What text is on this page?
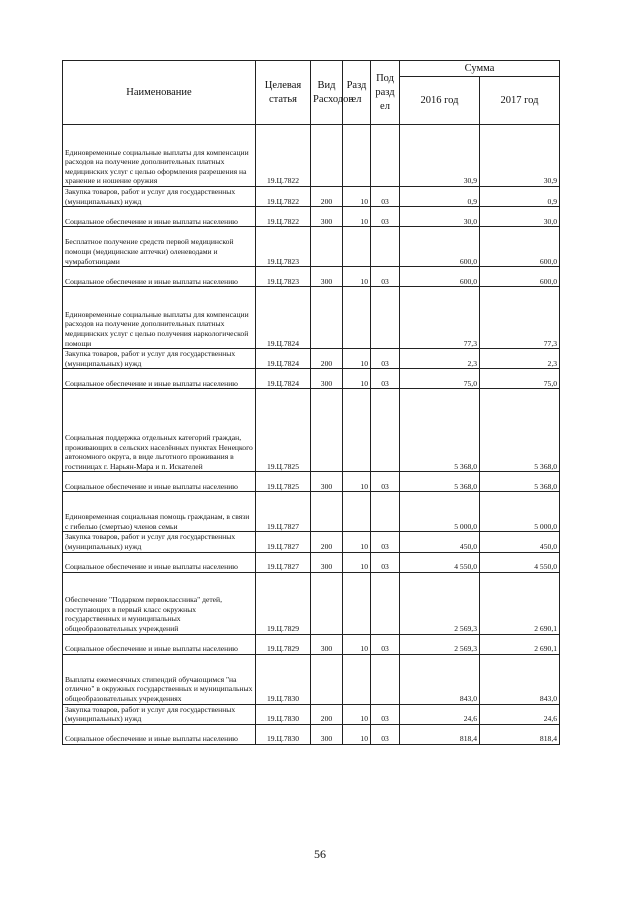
Наименование	Целевая статья	Вид Расходов	Разд ел	Под разд ел	Сумма	
					2016 год	2017 год
Единовременные социальные выплаты для компенсации расходов на получение дополнительных платных медицинских услуг с целью оформления разрешения на хранение и ношение оружия	19.Ц.7822				30,9	30,9
Закупка товаров, работ и услуг для государственных (муниципальных) нужд	19.Ц.7822	200	10	03	0,9	0,9
Социальное обеспечение и иные выплаты населению	19.Ц.7822	300	10	03	30,0	30,0
Бесплатное получение средств первой медицинской помощи (медицинские аптечки) оленеводами и чумработницами	19.Ц.7823				600,0	600,0
Социальное обеспечение и иные выплаты населению	19.Ц.7823	300	10	03	600,0	600,0
Единовременные социальные выплаты для компенсации расходов на получение дополнительных платных медицинских услуг с целью получения наркологической помощи	19.Ц.7824				77,3	77,3
Закупка товаров, работ и услуг для государственных (муниципальных) нужд	19.Ц.7824	200	10	03	2,3	2,3
Социальное обеспечение и иные выплаты населению	19.Ц.7824	300	10	03	75,0	75,0
Социальная поддержка отдельных категорий граждан, проживающих в сельских населённых пунктах Ненецкого автономного округа, в виде льготного проживания в гостиницах г. Нарьян-Мара и п. Искателей	19.Ц.7825				5 368,0	5 368,0
Социальное обеспечение и иные выплаты населению	19.Ц.7825	300	10	03	5 368,0	5 368,0
Единовременная социальная помощь гражданам, в связи с гибелью (смертью) членов семьи	19.Ц.7827				5 000,0	5 000,0
Закупка товаров, работ и услуг для государственных (муниципальных) нужд	19.Ц.7827	200	10	03	450,0	450,0
Социальное обеспечение и иные выплаты населению	19.Ц.7827	300	10	03	4 550,0	4 550,0
Обеспечение "Подарком первоклассника" детей, поступающих в первый класс окружных государственных и муниципальных общеобразовательных учреждений	19.Ц.7829				2 569,3	2 690,1
Социальное обеспечение и иные выплаты населению	19.Ц.7829	300	10	03	2 569,3	2 690,1
Выплаты ежемесячных стипендий обучающимся "на отлично" в окружных государственных и муниципальных общеобразовательных учреждениях	19.Ц.7830				843,0	843,0
Закупка товаров, работ и услуг для государственных (муниципальных) нужд	19.Ц.7830	200	10	03	24,6	24,6
Социальное обеспечение и иные выплаты населению	19.Ц.7830	300	10	03	818,4	818,4
56
